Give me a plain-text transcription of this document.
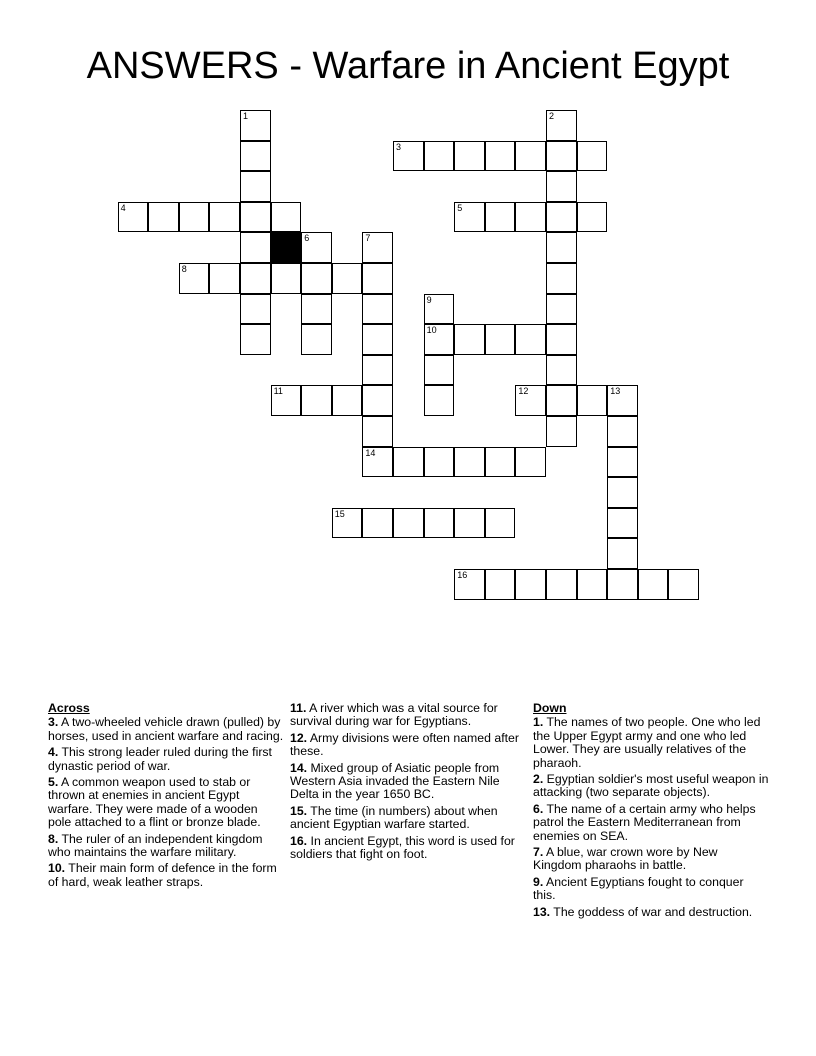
ANSWERS - Warfare in Ancient Egypt
1	2
3
4	5
6	7
8
9
10
11	12	13
14
15
16
Across
3. A two-wheeled vehicle drawn (pulled) by horses, used in ancient warfare and racing.
4. This strong leader ruled during the first dynastic period of war.
5. A common weapon used to stab or thrown at enemies in ancient Egypt warfare. They were made of a wooden pole attached to a flint or bronze blade.
8. The ruler of an independent kingdom who maintains the warfare military.
10. Their main form of defence in the form of hard, weak leather straps.
11. A river which was a vital source for survival during war for Egyptians.
12. Army divisions were often named after these.
14. Mixed group of Asiatic people from Western Asia invaded the Eastern Nile Delta in the year 1650 BC.
15. The time (in numbers) about when ancient Egyptian warfare started.
16. In ancient Egypt, this word is used for soldiers that fight on foot.
Down
1. The names of two people. One who led the Upper Egypt army and one who led Lower. They are usually relatives of the pharaoh.
2. Egyptian soldier's most useful weapon in attacking (two separate objects).
6. The name of a certain army who helps patrol the Eastern Mediterranean from enemies on SEA.
7. A blue, war crown wore by New Kingdom pharaohs in battle.
9. Ancient Egyptians fought to conquer this.
13. The goddess of war and destruction.
